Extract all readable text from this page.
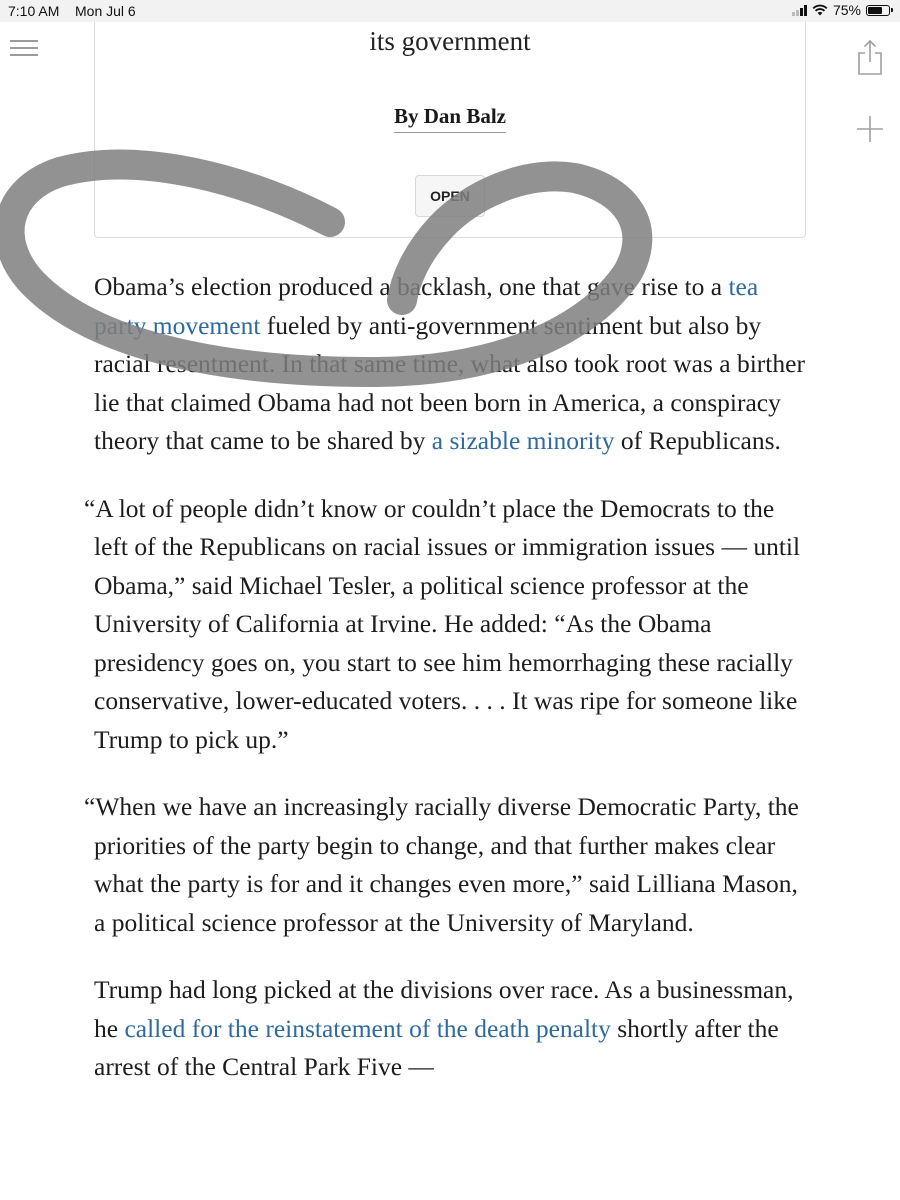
7:10 AM Mon Jul 6	75%
its government
By Dan Balz
OPEN

Obama’s election produced a backlash, one that gave rise to a tea party movement fueled by anti-government sentiment but also by racial resentment. In that same time, what also took root was a birther lie that claimed Obama had not been born in America, a conspiracy theory that came to be shared by a sizable minority of Republicans.

“A lot of people didn’t know or couldn’t place the Democrats to the left of the Republicans on racial issues or immigration issues — until Obama,” said Michael Tesler, a political science professor at the University of California at Irvine. He added: “As the Obama presidency goes on, you start to see him hemorrhaging these racially conservative, lower-educated voters. . . . It was ripe for someone like Trump to pick up.”

“When we have an increasingly racially diverse Democratic Party, the priorities of the party begin to change, and that further makes clear what the party is for and it changes even more,” said Lilliana Mason, a political science professor at the University of Maryland.

Trump had long picked at the divisions over race. As a businessman, he called for the reinstatement of the death penalty shortly after the arrest of the Central Park Five —
